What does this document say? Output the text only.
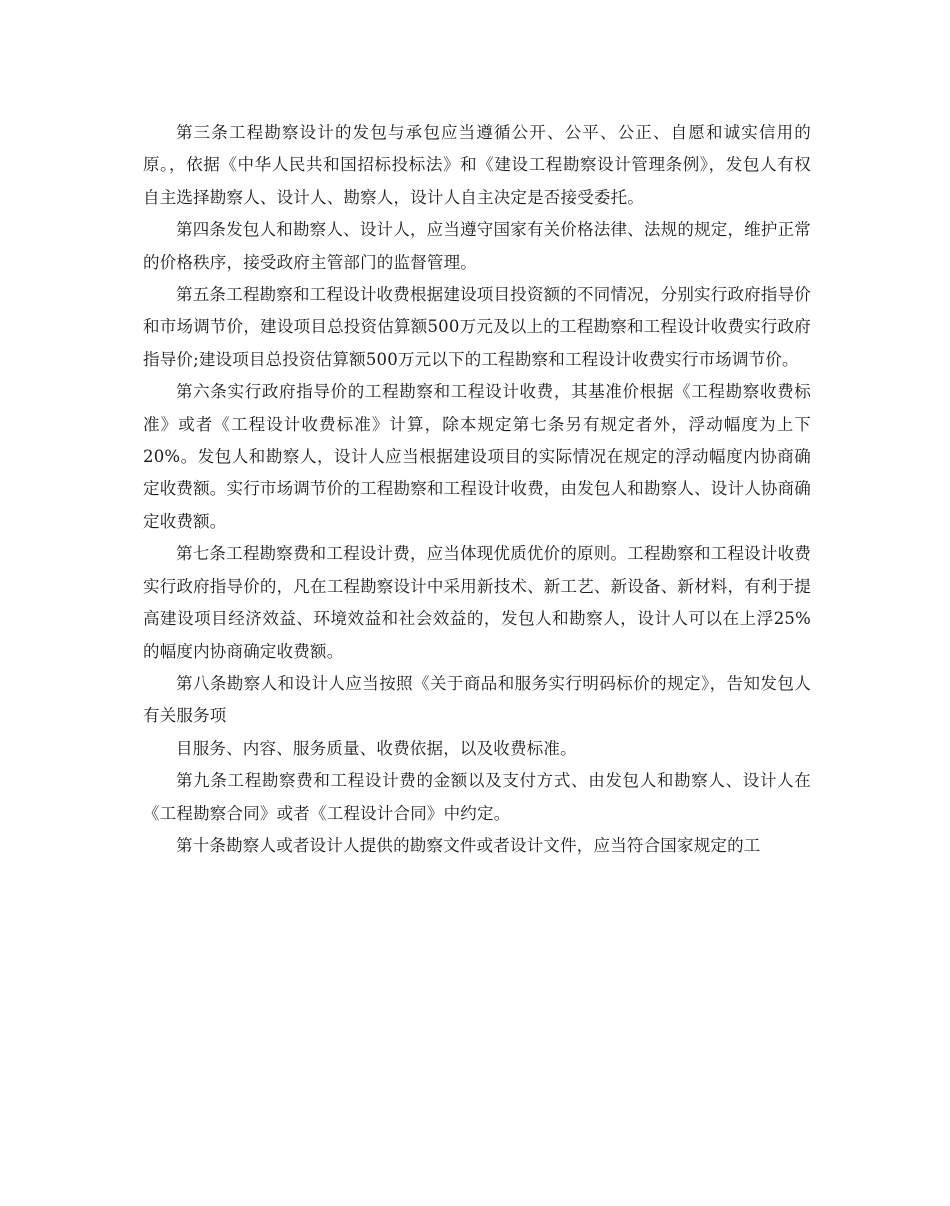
第三条工程勘察设计的发包与承包应当遵循公开、公平、公正、自愿和诚实信用的原。，依据《中华人民共和国招标投标法》和《建设工程勘察设计管理条例》，发包人有权自主选择勘察人、设计人、勘察人，设计人自主决定是否接受委托。

第四条发包人和勘察人、设计人，应当遵守国家有关价格法律、法规的规定，维护正常的价格秩序，接受政府主管部门的监督管理。

第五条工程勘察和工程设计收费根据建设项目投资额的不同情况，分别实行政府指导价和市场调节价，建设项目总投资估算额500万元及以上的工程勘察和工程设计收费实行政府指导价;建设项目总投资估算额500万元以下的工程勘察和工程设计收费实行市场调节价。

第六条实行政府指导价的工程勘察和工程设计收费，其基准价根据《工程勘察收费标准》或者《工程设计收费标准》计算，除本规定第七条另有规定者外，浮动幅度为上下20%。发包人和勘察人，设计人应当根据建设项目的实际情况在规定的浮动幅度内协商确定收费额。实行市场调节价的工程勘察和工程设计收费，由发包人和勘察人、设计人协商确定收费额。

第七条工程勘察费和工程设计费，应当体现优质优价的原则。工程勘察和工程设计收费实行政府指导价的，凡在工程勘察设计中采用新技术、新工艺、新设备、新材料，有利于提高建设项目经济效益、环境效益和社会效益的，发包人和勘察人，设计人可以在上浮25%的幅度内协商确定收费额。

第八条勘察人和设计人应当按照《关于商品和服务实行明码标价的规定》，告知发包人有关服务项

目服务、内容、服务质量、收费依据，以及收费标准。

第九条工程勘察费和工程设计费的金额以及支付方式、由发包人和勘察人、设计人在《工程勘察合同》或者《工程设计合同》中约定。

第十条勘察人或者设计人提供的勘察文件或者设计文件，应当符合国家规定的工
